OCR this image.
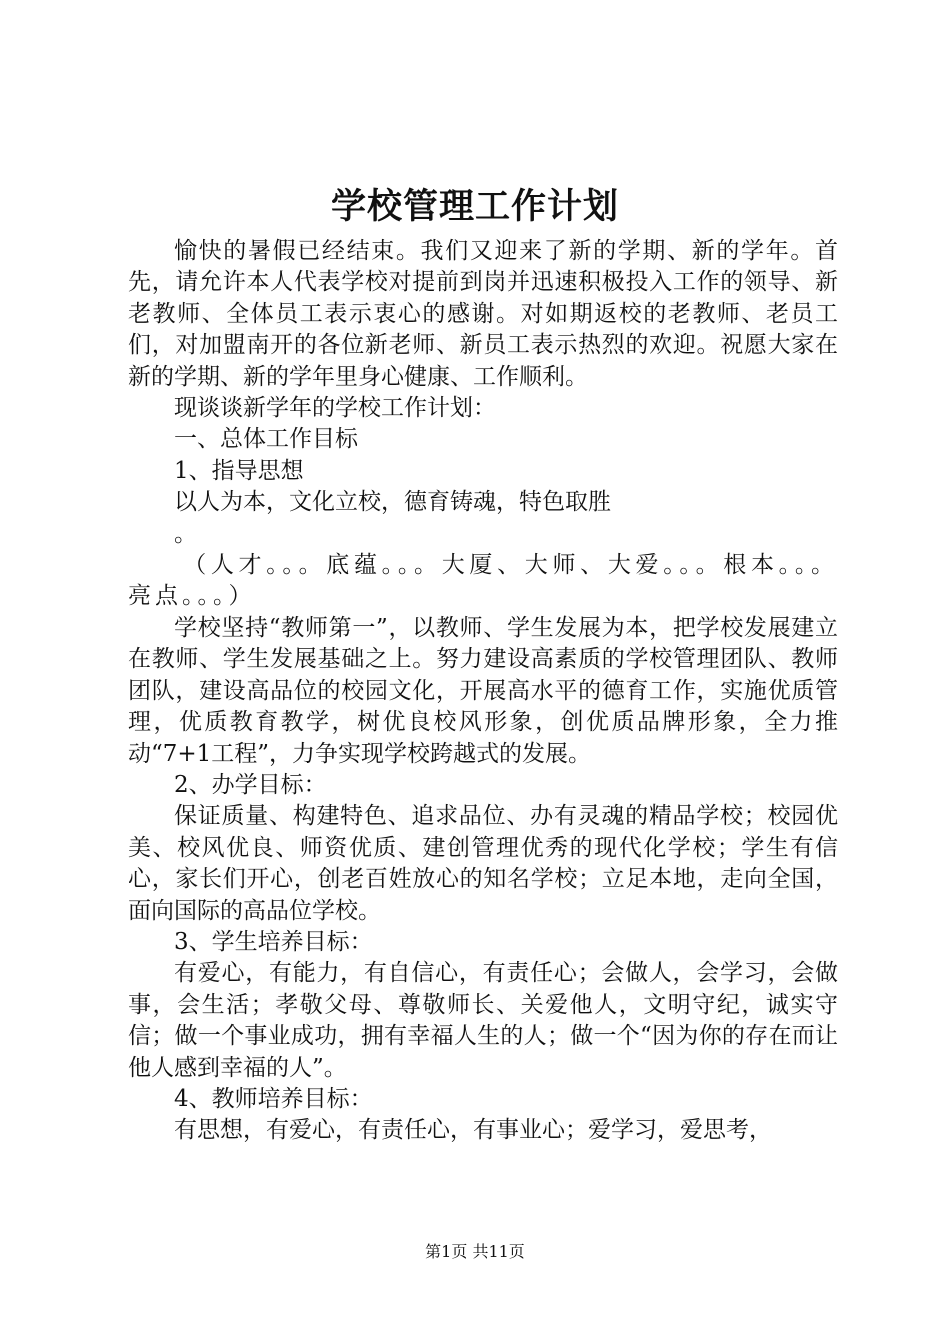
学校管理工作计划

愉快的暑假已经结束。我们又迎来了新的学期、新的学年。首先，请允许本人代表学校对提前到岗并迅速积极投入工作的领导、新老教师、全体员工表示衷心的感谢。对如期返校的老教师、老员工们，对加盟南开的各位新老师、新员工表示热烈的欢迎。祝愿大家在新的学期、新的学年里身心健康、工作顺利。

现谈谈新学年的学校工作计划：

一、总体工作目标

1、指导思想

以人为本，文化立校，德育铸魂，特色取胜

。

（人才。。。底蕴。。。大厦、大师、大爱。。。根本。。。亮点。。。）

学校坚持“教师第一”，以教师、学生发展为本，把学校发展建立在教师、学生发展基础之上。努力建设高素质的学校管理团队、教师团队，建设高品位的校园文化，开展高水平的德育工作，实施优质管理，优质教育教学，树优良校风形象，创优质品牌形象，全力推动“7+1工程”，力争实现学校跨越式的发展。

2、办学目标：

保证质量、构建特色、追求品位、办有灵魂的精品学校；校园优美、校风优良、师资优质、建创管理优秀的现代化学校；学生有信心，家长们开心，创老百姓放心的知名学校；立足本地，走向全国，面向国际的高品位学校。

3、学生培养目标：

有爱心，有能力，有自信心，有责任心；会做人，会学习，会做事，会生活；孝敬父母、尊敬师长、关爱他人，文明守纪，诚实守信；做一个事业成功，拥有幸福人生的人；做一个“因为你的存在而让他人感到幸福的人”。

4、教师培养目标：

有思想，有爱心，有责任心，有事业心；爱学习，爱思考，

第1页 共11页
